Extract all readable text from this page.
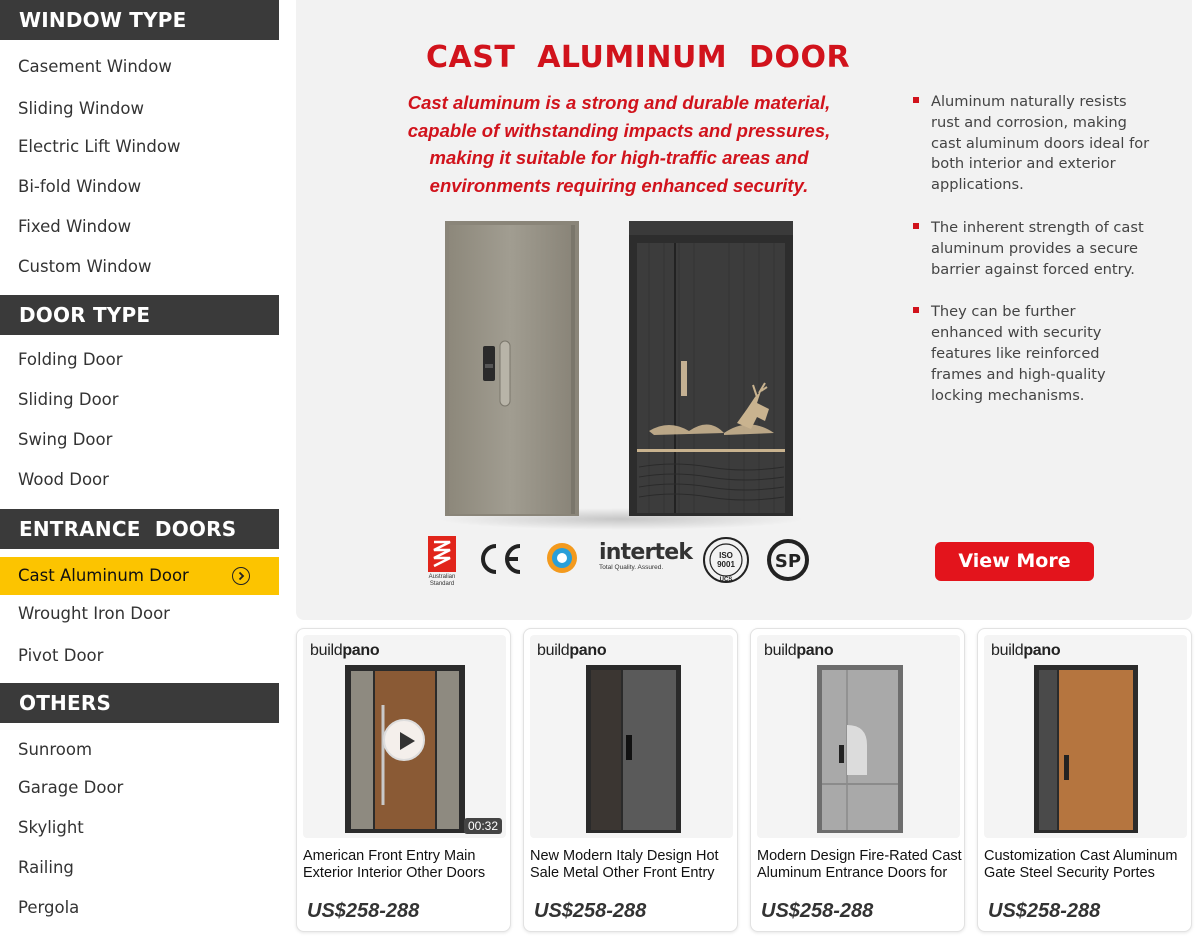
WINDOW TYPE
Casement Window
Sliding Window
Electric Lift Window
Bi-fold Window
Fixed Window
Custom Window
DOOR TYPE
Folding Door
Sliding Door
Swing Door
Wood Door
ENTRANCE  DOORS
Cast Aluminum Door
Wrought Iron Door
Pivot Door
OTHERS
Sunroom
Garage Door
Skylight
Railing
Pergola
CAST  ALUMINUM  DOOR

Cast aluminum is a strong and durable material, capable of withstanding impacts and pressures, making it suitable for high-traffic areas and environments requiring enhanced security.

Aluminum naturally resists rust and corrosion, making cast aluminum doors ideal for both interior and exterior applications.
The inherent strength of cast aluminum provides a secure barrier against forced entry.
They can be further enhanced with security features like reinforced frames and high-quality locking mechanisms.
Australian
Standard
intertek
Total Quality. Assured.
ISO
9001
UCS
SP	View More
buildpano
00:32
American Front Entry Main Exterior Interior Other Doors
US$258-288
buildpano
New Modern Italy Design Hot Sale Metal Other Front Entry
US$258-288
buildpano
Modern Design Fire-Rated Cast Aluminum Entrance Doors for
US$258-288
buildpano
Customization Cast Aluminum Gate Steel Security Portes
US$258-288
